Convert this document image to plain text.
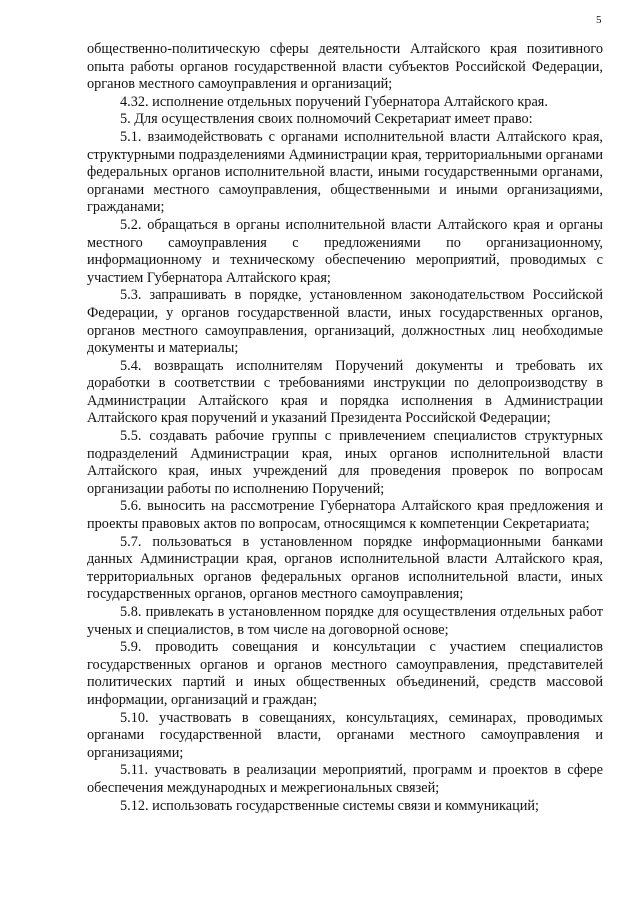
5

общественно-политическую сферы деятельности Алтайского края позитивного опыта работы органов государственной власти субъектов Российской Федерации, органов местного самоуправления и организаций;

4.32. исполнение отдельных поручений Губернатора Алтайского края.

5. Для осуществления своих полномочий Секретариат имеет право:

5.1. взаимодействовать с органами исполнительной власти Алтайского края, структурными подразделениями Администрации края, территориальными органами федеральных органов исполнительной власти, иными государственными органами, органами местного самоуправления, общественными и иными организациями, гражданами;

5.2. обращаться в органы исполнительной власти Алтайского края и органы местного самоуправления с предложениями по организационному, информационному и техническому обеспечению мероприятий, проводимых с участием Губернатора Алтайского края;

5.3. запрашивать в порядке, установленном законодательством Российской Федерации, у органов государственной власти, иных государственных органов, органов местного самоуправления, организаций, должностных лиц необходимые документы и материалы;

5.4. возвращать исполнителям Поручений документы и требовать их доработки в соответствии с требованиями инструкции по делопроизводству в Администрации Алтайского края и порядка исполнения в Администрации Алтайского края поручений и указаний Президента Российской Федерации;

5.5. создавать рабочие группы с привлечением специалистов структурных подразделений Администрации края, иных органов исполнительной власти Алтайского края, иных учреждений для проведения проверок по вопросам организации работы по исполнению Поручений;

5.6. выносить на рассмотрение Губернатора Алтайского края предложения и проекты правовых актов по вопросам, относящимся к компетенции Секретариата;

5.7. пользоваться в установленном порядке информационными банками данных Администрации края, органов исполнительной власти Алтайского края, территориальных органов федеральных органов исполнительной власти, иных государственных органов, органов местного самоуправления;

5.8. привлекать в установленном порядке для осуществления отдельных работ ученых и специалистов, в том числе на договорной основе;

5.9. проводить совещания и консультации с участием специалистов государственных органов и органов местного самоуправления, представителей политических партий и иных общественных объединений, средств массовой информации, организаций и граждан;

5.10. участвовать в совещаниях, консультациях, семинарах, проводимых органами государственной власти, органами местного самоуправления и организациями;

5.11. участвовать в реализации мероприятий, программ и проектов в сфере обеспечения международных и межрегиональных связей;

5.12. использовать государственные системы связи и коммуникаций;
